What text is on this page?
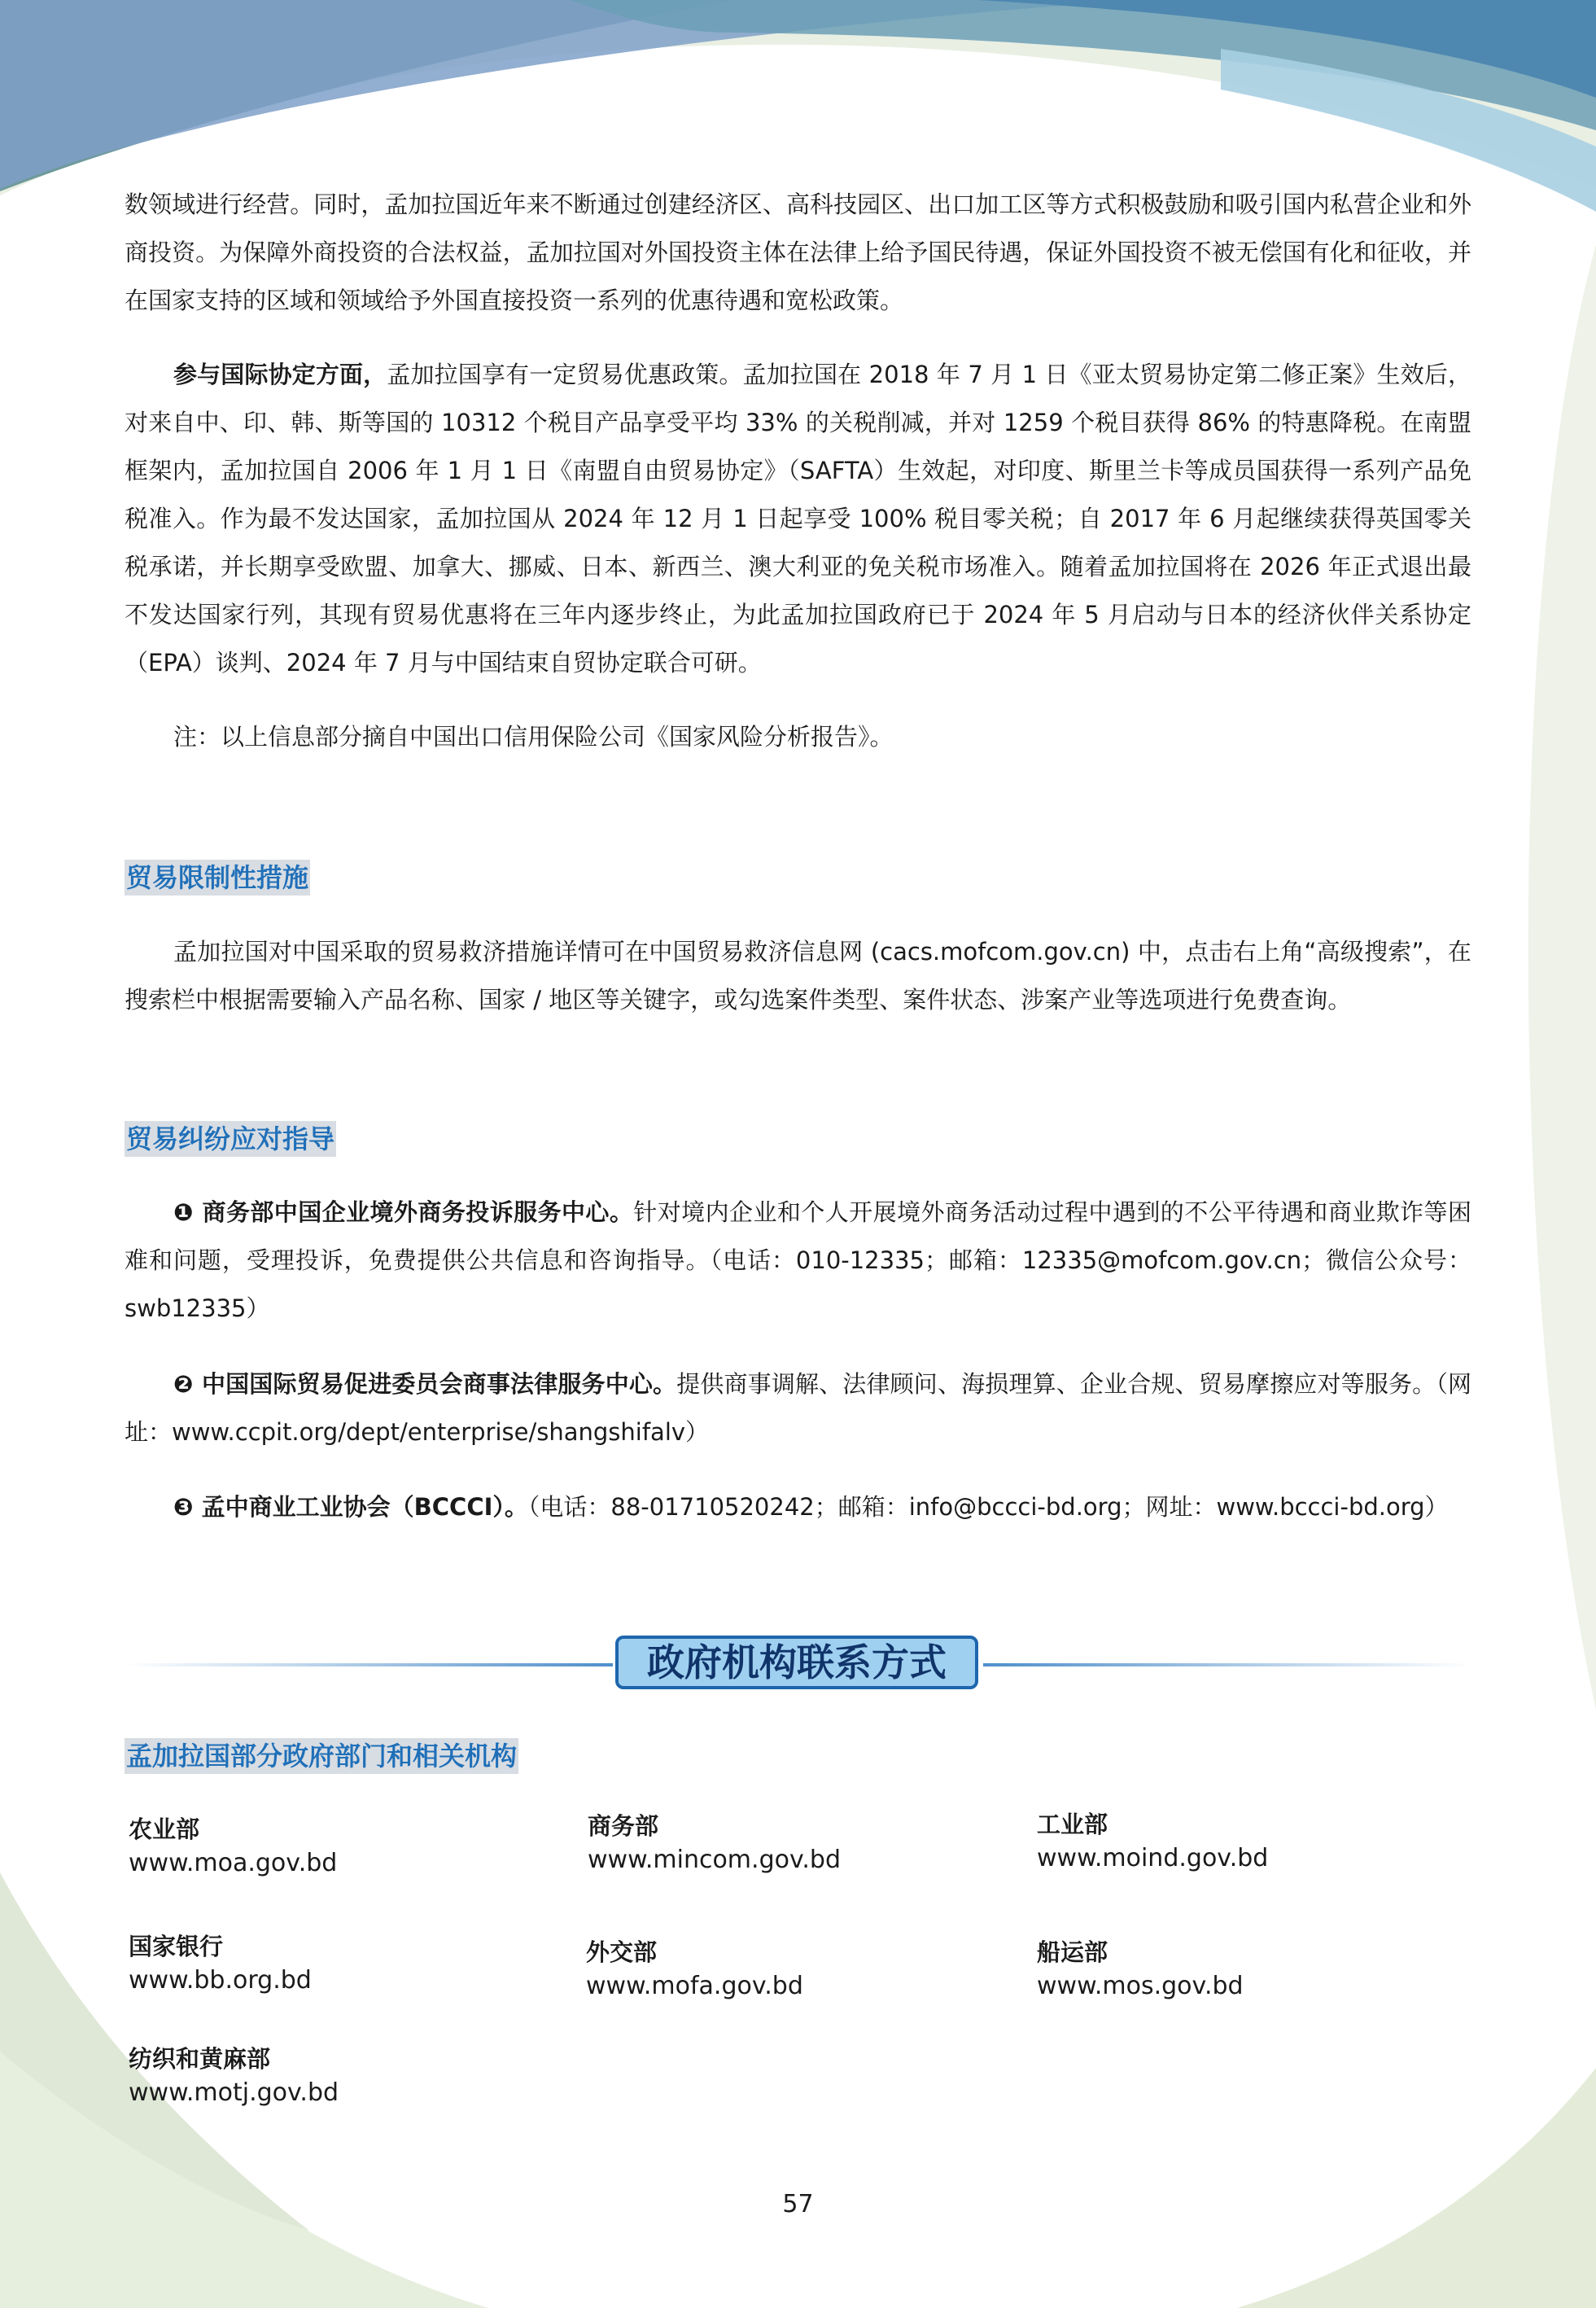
数领域进行经营。同时，孟加拉国近年来不断通过创建经济区、高科技园区、出口加工区等方式积极鼓励和吸引国内私营企业和外商投资。为保障外商投资的合法权益，孟加拉国对外国投资主体在法律上给予国民待遇，保证外国投资不被无偿国有化和征收，并在国家支持的区域和领域给予外国直接投资一系列的优惠待遇和宽松政策。

参与国际协定方面，孟加拉国享有一定贸易优惠政策。孟加拉国在 2018 年 7 月 1 日《亚太贸易协定第二修正案》生效后，对来自中、印、韩、斯等国的 10312 个税目产品享受平均 33% 的关税削减，并对 1259 个税目获得 86% 的特惠降税。在南盟框架内，孟加拉国自 2006 年 1 月 1 日《南盟自由贸易协定》（SAFTA）生效起，对印度、斯里兰卡等成员国获得一系列产品免税准入。作为最不发达国家，孟加拉国从 2024 年 12 月 1 日起享受 100% 税目零关税；自 2017 年 6 月起继续获得英国零关税承诺，并长期享受欧盟、加拿大、挪威、日本、新西兰、澳大利亚的免关税市场准入。随着孟加拉国将在 2026 年正式退出最不发达国家行列，其现有贸易优惠将在三年内逐步终止，为此孟加拉国政府已于 2024 年 5 月启动与日本的经济伙伴关系协定（EPA）谈判、2024 年 7 月与中国结束自贸协定联合可研。

注：以上信息部分摘自中国出口信用保险公司《国家风险分析报告》。

贸易限制性措施

孟加拉国对中国采取的贸易救济措施详情可在中国贸易救济信息网 (cacs.mofcom.gov.cn) 中，点击右上角“高级搜索”，在搜索栏中根据需要输入产品名称、国家 / 地区等关键字，或勾选案件类型、案件状态、涉案产业等选项进行免费查询。

贸易纠纷应对指导

❶ 商务部中国企业境外商务投诉服务中心。针对境内企业和个人开展境外商务活动过程中遇到的不公平待遇和商业欺诈等困难和问题，受理投诉，免费提供公共信息和咨询指导。（电话：010-12335；邮箱：12335@mofcom.gov.cn；微信公众号：swb12335）

❷ 中国国际贸易促进委员会商事法律服务中心。提供商事调解、法律顾问、海损理算、企业合规、贸易摩擦应对等服务。（网址：www.ccpit.org/dept/enterprise/shangshifalv）

❸ 孟中商业工业协会（BCCCI）。（电话：88-01710520242；邮箱：info@bccci-bd.org；网址：www.bccci-bd.org）

政府机构联系方式
孟加拉国部分政府部门和相关机构
农业部
www.moa.gov.bd
商务部
www.mincom.gov.bd
工业部
www.moind.gov.bd
国家银行
www.bb.org.bd
外交部
www.mofa.gov.bd
船运部
www.mos.gov.bd
纺织和黄麻部
www.motj.gov.bd
57
